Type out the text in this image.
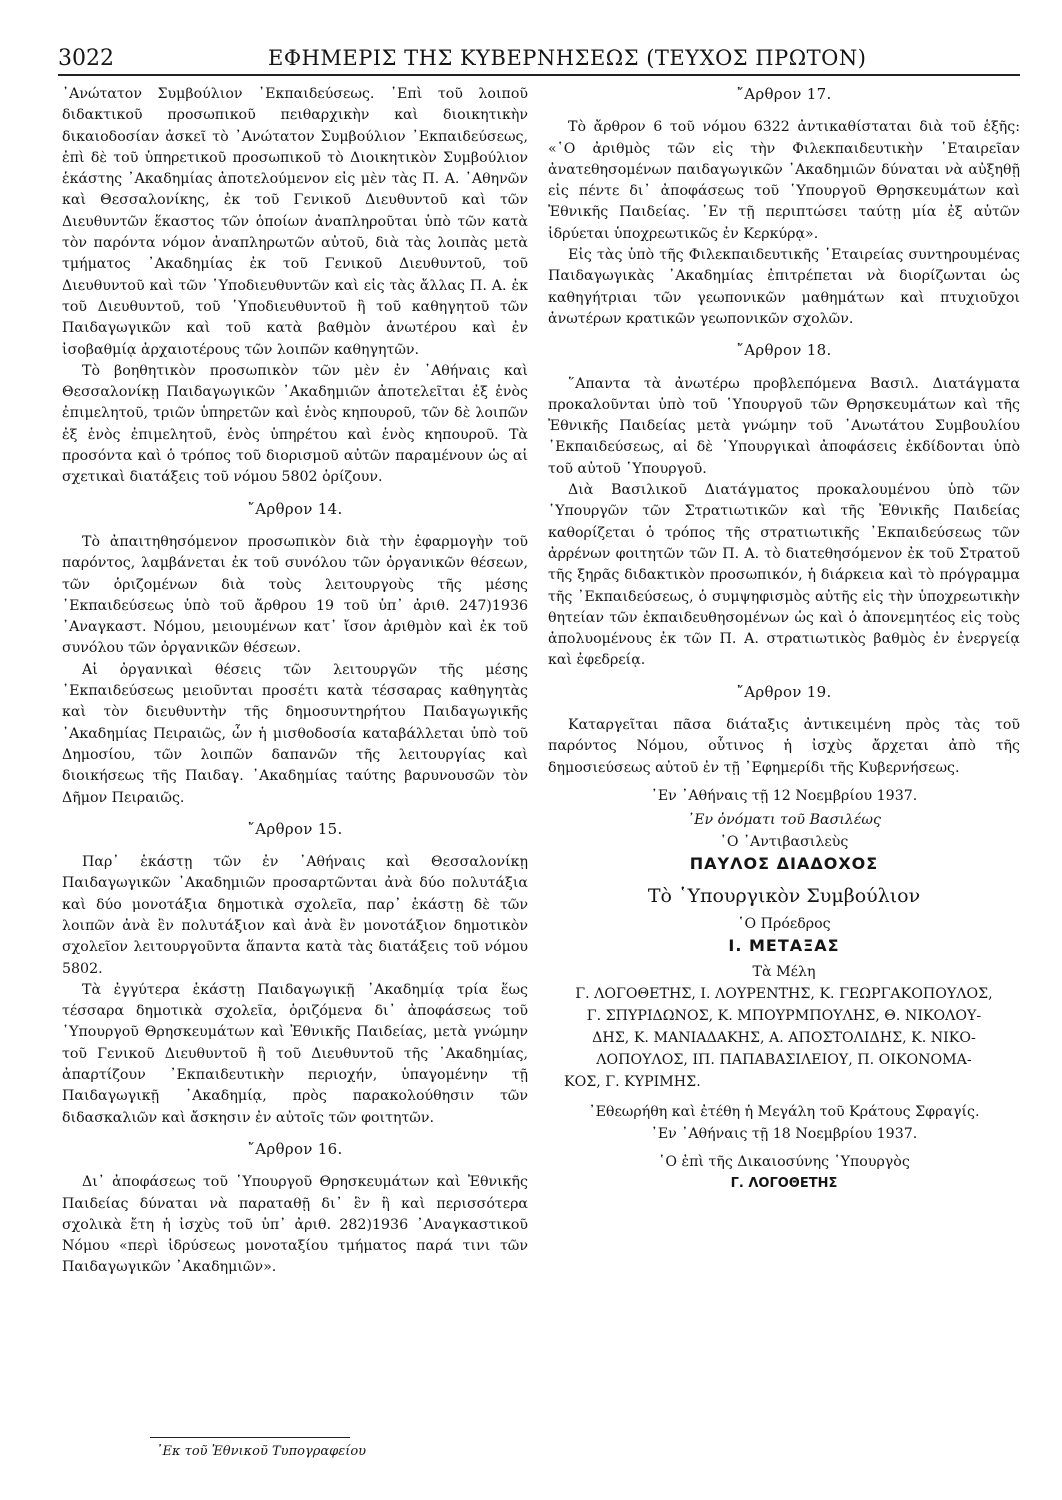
3022	ΕΦΗΜΕΡΙΣ ΤΗΣ ΚΥΒΕΡΝΗΣΕΩΣ (ΤΕΥΧΟΣ ΠΡΩΤΟΝ)

᾿Ανώτατον Συμβούλιον ᾿Εκπαιδεύσεως. ᾿Επὶ τοῦ λοιποῦ διδακτικοῦ προσωπικοῦ πειθαρχικὴν καὶ διοικητικὴν δικαιοδοσίαν ἀσκεῖ τὸ ᾿Ανώτατον Συμβούλιον ᾿Εκπαιδεύσεως, ἐπὶ δὲ τοῦ ὑπηρετικοῦ προσωπικοῦ τὸ Διοικητικὸν Συμβούλιον ἑκάστης ᾿Ακαδημίας ἀποτελούμενον εἰς μὲν τὰς Π. Α. ᾿Αθηνῶν καὶ Θεσσαλονίκης, ἐκ τοῦ Γενικοῦ Διευθυντοῦ καὶ τῶν Διευθυντῶν ἕκαστος τῶν ὁποίων ἀναπληροῦται ὑπὸ τῶν κατὰ τὸν παρόντα νόμον ἀναπληρωτῶν αὐτοῦ, διὰ τὰς λοιπὰς μετὰ τμήματος ᾿Ακαδημίας ἐκ τοῦ Γενικοῦ Διευθυντοῦ, τοῦ Διευθυντοῦ καὶ τῶν ῾Υποδιευθυντῶν καὶ εἰς τὰς ἄλλας Π. Α. ἐκ τοῦ Διευθυντοῦ, τοῦ ῾Υποδιευθυντοῦ ἢ τοῦ καθηγητοῦ τῶν Παιδαγωγικῶν καὶ τοῦ κατὰ βαθμὸν ἀνωτέρου καὶ ἐν ἰσοβαθμίᾳ ἀρχαιοτέρους τῶν λοιπῶν καθηγητῶν.

Τὸ βοηθητικὸν προσωπικὸν τῶν μὲν ἐν ᾿Αθήναις καὶ Θεσσαλονίκῃ Παιδαγωγικῶν ᾿Ακαδημιῶν ἀποτελεῖται ἐξ ἑνὸς ἐπιμελητοῦ, τριῶν ὑπηρετῶν καὶ ἑνὸς κηπουροῦ, τῶν δὲ λοιπῶν ἐξ ἑνὸς ἐπιμελητοῦ, ἑνὸς ὑπηρέτου καὶ ἑνὸς κηπουροῦ. Τὰ προσόντα καὶ ὁ τρόπος τοῦ διορισμοῦ αὐτῶν παραμένουν ὡς αἱ σχετικαὶ διατάξεις τοῦ νόμου 5802 ὁρίζουν.

῎Αρθρον 14.

Τὸ ἀπαιτηθησόμενον προσωπικὸν διὰ τὴν ἐφαρμογὴν τοῦ παρόντος, λαμβάνεται ἐκ τοῦ συνόλου τῶν ὀργανικῶν θέσεων, τῶν ὁριζομένων διὰ τοὺς λειτουργοὺς τῆς μέσης ᾿Εκπαιδεύσεως ὑπὸ τοῦ ἄρθρου 19 τοῦ ὑπ᾿ ἀριθ. 247)1936 ᾿Αναγκαστ. Νόμου, μειουμένων κατ᾿ ἴσον ἀριθμὸν καὶ ἐκ τοῦ συνόλου τῶν ὀργανικῶν θέσεων.

Αἱ ὀργανικαὶ θέσεις τῶν λειτουργῶν τῆς μέσης ᾿Εκπαιδεύσεως μειοῦνται προσέτι κατὰ τέσσαρας καθηγητὰς καὶ τὸν διευθυντὴν τῆς δημοσυντηρήτου Παιδαγωγικῆς ᾿Ακαδημίας Πειραιῶς, ὧν ἡ μισθοδοσία καταβάλλεται ὑπὸ τοῦ Δημοσίου, τῶν λοιπῶν δαπανῶν τῆς λειτουργίας καὶ διοικήσεως τῆς Παιδαγ. ᾿Ακαδημίας ταύτης βαρυνουσῶν τὸν Δῆμον Πειραιῶς.

῎Αρθρον 15.

Παρ᾿ ἑκάστῃ τῶν ἐν ᾿Αθήναις καὶ Θεσσαλονίκῃ Παιδαγωγικῶν ᾿Ακαδημιῶν προσαρτῶνται ἀνὰ δύο πολυτάξια καὶ δύο μονοτάξια δημοτικὰ σχολεῖα, παρ᾿ ἑκάστῃ δὲ τῶν λοιπῶν ἀνὰ ἓν πολυτάξιον καὶ ἀνὰ ἓν μονοτάξιον δημοτικὸν σχολεῖον λειτουργοῦντα ἅπαντα κατὰ τὰς διατάξεις τοῦ νόμου 5802.

Τὰ ἐγγύτερα ἑκάστῃ Παιδαγωγικῇ ᾿Ακαδημίᾳ τρία ἕως τέσσαρα δημοτικὰ σχολεῖα, ὁριζόμενα δι᾿ ἀποφάσεως τοῦ ῾Υπουργοῦ Θρησκευμάτων καὶ Ἐθνικῆς Παιδείας, μετὰ γνώμην τοῦ Γενικοῦ Διευθυντοῦ ἢ τοῦ Διευθυντοῦ τῆς ᾿Ακαδημίας, ἀπαρτίζουν ᾿Εκπαιδευτικὴν περιοχήν, ὑπαγομένην τῇ Παιδαγωγικῇ ᾿Ακαδημίᾳ, πρὸς παρακολούθησιν τῶν διδασκαλιῶν καὶ ἄσκησιν ἐν αὐτοῖς τῶν φοιτητῶν.

῎Αρθρον 16.

Δι᾿ ἀποφάσεως τοῦ ῾Υπουργοῦ Θρησκευμάτων καὶ Ἐθνικῆς Παιδείας δύναται νὰ παραταθῇ δι᾿ ἓν ἢ καὶ περισσότερα σχολικὰ ἔτη ἡ ἰσχὺς τοῦ ὑπ᾿ ἀριθ. 282)1936 ᾿Αναγκαστικοῦ Νόμου «περὶ ἱδρύσεως μονοταξίου τμήματος παρά τινι τῶν Παιδαγωγικῶν ᾿Ακαδημιῶν».

῎Αρθρον 17.

Τὸ ἄρθρον 6 τοῦ νόμου 6322 ἀντικαθίσταται διὰ τοῦ ἑξῆς: «῾Ο ἀριθμὸς τῶν εἰς τὴν Φιλεκπαιδευτικὴν ῾Εταιρεῖαν ἀνατεθησομένων παιδαγωγικῶν ᾿Ακαδημιῶν δύναται νὰ αὐξηθῇ εἰς πέντε δι᾿ ἀποφάσεως τοῦ ῾Υπουργοῦ Θρησκευμάτων καὶ Ἐθνικῆς Παιδείας. ᾿Εν τῇ περιπτώσει ταύτῃ μία ἐξ αὐτῶν ἱδρύεται ὑποχρεωτικῶς ἐν Κερκύρᾳ».

Εἰς τὰς ὑπὸ τῆς Φιλεκπαιδευτικῆς ῾Εταιρείας συντηρουμένας Παιδαγωγικὰς ᾿Ακαδημίας ἐπιτρέπεται νὰ διορίζωνται ὡς καθηγήτριαι τῶν γεωπονικῶν μαθημάτων καὶ πτυχιοῦχοι ἀνωτέρων κρατικῶν γεωπονικῶν σχολῶν.

῎Αρθρον 18.

῞Απαντα τὰ ἀνωτέρω προβλεπόμενα Βασιλ. Διατάγματα προκαλοῦνται ὑπὸ τοῦ ῾Υπουργοῦ τῶν Θρησκευμάτων καὶ τῆς Ἐθνικῆς Παιδείας μετὰ γνώμην τοῦ ᾿Ανωτάτου Συμβουλίου ᾿Εκπαιδεύσεως, αἱ δὲ ῾Υπουργικαὶ ἀποφάσεις ἐκδίδονται ὑπὸ τοῦ αὐτοῦ ῾Υπουργοῦ.

Διὰ Βασιλικοῦ Διατάγματος προκαλουμένου ὑπὸ τῶν ῾Υπουργῶν τῶν Στρατιωτικῶν καὶ τῆς Ἐθνικῆς Παιδείας καθορίζεται ὁ τρόπος τῆς στρατιωτικῆς ᾿Εκπαιδεύσεως τῶν ἀρρένων φοιτητῶν τῶν Π. Α. τὸ διατεθησόμενον ἐκ τοῦ Στρατοῦ τῆς ξηρᾶς διδακτικὸν προσωπικόν, ἡ διάρκεια καὶ τὸ πρόγραμμα τῆς ᾿Εκπαιδεύσεως, ὁ συμψηφισμὸς αὐτῆς εἰς τὴν ὑποχρεωτικὴν θητείαν τῶν ἐκπαιδευθησομένων ὡς καὶ ὁ ἀπονεμητέος εἰς τοὺς ἀπολυομένους ἐκ τῶν Π. Α. στρατιωτικὸς βαθμὸς ἐν ἐνεργείᾳ καὶ ἐφεδρείᾳ.

῎Αρθρον 19.

Καταργεῖται πᾶσα διάταξις ἀντικειμένη πρὸς τὰς τοῦ παρόντος Νόμου, οὗτινος ἡ ἰσχὺς ἄρχεται ἀπὸ τῆς δημοσιεύσεως αὐτοῦ ἐν τῇ ᾿Εφημερίδι τῆς Κυβερνήσεως.

᾿Εν ᾿Αθήναις τῇ 12 Νοεμβρίου 1937.
᾿Εν ὀνόματι τοῦ Βασιλέως
῾Ο ᾿Αντιβασιλεὺς
ΠΑΥΛΟΣ ΔΙΑΔΟΧΟΣ
Τὸ ῾Υπουργικὸν Συμβούλιον
῾Ο Πρόεδρος
Ι. ΜΕΤΑΞΑΣ
Τὰ Μέλη
Γ. ΛΟΓΟΘΕΤΗΣ, Ι. ΛΟΥΡΕΝΤΗΣ, Κ. ΓΕΩΡΓΑΚΟΠΟΥΛΟΣ,
Γ. ΣΠΥΡΙΔΩΝΟΣ, Κ. ΜΠΟΥΡΜΠΟΥΛΗΣ, Θ. ΝΙΚΟΛΟΥ-
ΔΗΣ, Κ. ΜΑΝΙΑΔΑΚΗΣ, Α. ΑΠΟΣΤΟΛΙΔΗΣ, Κ. ΝΙΚΟ-
ΛΟΠΟΥΛΟΣ, ΙΠ. ΠΑΠΑΒΑΣΙΛΕΙΟΥ, Π. ΟΙΚΟΝΟΜΑ-
ΚΟΣ, Γ. ΚΥΡΙΜΗΣ.
᾿Εθεωρήθη καὶ ἐτέθη ἡ Μεγάλη τοῦ Κράτους Σφραγίς.
᾿Εν ᾿Αθήναις τῇ 18 Νοεμβρίου 1937.
῾Ο ἐπὶ τῆς Δικαιοσύνης ῾Υπουργὸς
Γ. ΛΟΓΟΘΕΤΗΣ
᾿Εκ τοῦ Ἐθνικοῦ Τυπογραφείου
